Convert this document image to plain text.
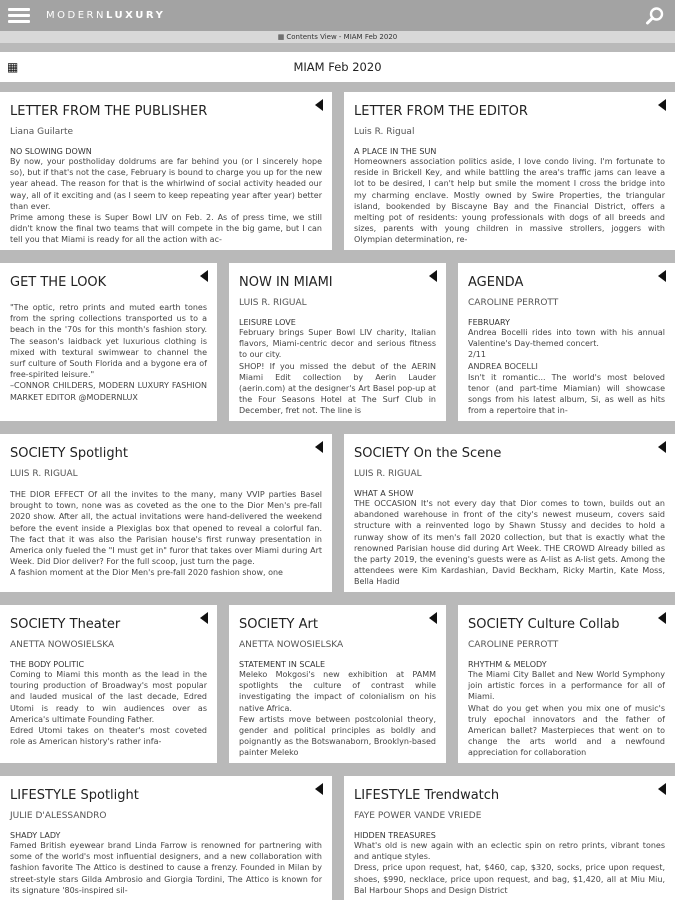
MODERNLUXURY
▦ Contents View - MIAM Feb 2020
▦	MIAM Feb 2020
LETTER FROM THE PUBLISHER
Liana Guilarte
NO SLOWING DOWN

By now, your postholiday doldrums are far behind you (or I sincerely hope so), but if that's not the case, February is bound to charge you up for the new year ahead. The reason for that is the whirlwind of social activity headed our way, all of it exciting and (as I seem to keep repeating year after year) better than ever.

Prime among these is Super Bowl LIV on Feb. 2. As of press time, we still didn't know the final two teams that will compete in the big game, but I can tell you that Miami is ready for all the action with ac-

LETTER FROM THE EDITOR
Luis R. Rigual
A PLACE IN THE SUN

Homeowners association politics aside, I love condo living. I'm fortunate to reside in Brickell Key, and while battling the area's traffic jams can leave a lot to be desired, I can't help but smile the moment I cross the bridge into my charming enclave. Mostly owned by Swire Properties, the triangular island, bookended by Biscayne Bay and the Financial District, offers a melting pot of residents: young professionals with dogs of all breeds and sizes, parents with young children in massive strollers, joggers with Olympian determination, re-

GET THE LOOK

"The optic, retro prints and muted earth tones from the spring collections transported us to a beach in the '70s for this month's fashion story. The season's laidback yet luxurious clothing is mixed with textural swimwear to channel the surf culture of South Florida and a bygone era of free-spirited leisure."

–CONNOR CHILDERS, MODERN LUXURY FASHION MARKET EDITOR @MODERNLUX

NOW IN MIAMI
LUIS R. RIGUAL
LEISURE LOVE

February brings Super Bowl LIV charity, Italian flavors, Miami-centric decor and serious fitness to our city.

SHOP! If you missed the debut of the AERIN Miami Edit collection by Aerin Lauder (aerin.com) at the designer's Art Basel pop-up at the Four Seasons Hotel at The Surf Club in December, fret not. The line is

AGENDA
CAROLINE PERROTT
FEBRUARY

Andrea Bocelli rides into town with his annual Valentine's Day-themed concert.

2/11

ANDREA BOCELLI

Isn't it romantic... The world's most beloved tenor (and part-time Miamian) will showcase songs from his latest album, Si, as well as hits from a repertoire that in-

SOCIETY Spotlight
LUIS R. RIGUAL

THE DIOR EFFECT Of all the invites to the many, many VVIP parties Basel brought to town, none was as coveted as the one to the Dior Men's pre-fall 2020 show. After all, the actual invitations were hand-delivered the weekend before the event inside a Plexiglas box that opened to reveal a colorful fan. The fact that it was also the Parisian house's first runway presentation in America only fueled the "I must get in" furor that takes over Miami during Art Week. Did Dior deliver? For the full scoop, just turn the page.

A fashion moment at the Dior Men's pre-fall 2020 fashion show, one

SOCIETY On the Scene
LUIS R. RIGUAL
WHAT A SHOW

THE OCCASION It's not every day that Dior comes to town, builds out an abandoned warehouse in front of the city's newest museum, covers said structure with a reinvented logo by Shawn Stussy and decides to hold a runway show of its men's fall 2020 collection, but that is exactly what the renowned Parisian house did during Art Week. THE CROWD Already billed as the party 2019, the evening's guests were as A-list as A-list gets. Among the attendees were Kim Kardashian, David Beckham, Ricky Martin, Kate Moss, Bella Hadid

SOCIETY Theater
ANETTA NOWOSIELSKA
THE BODY POLITIC

Coming to Miami this month as the lead in the touring production of Broadway's most popular and lauded musical of the last decade, Edred Utomi is ready to win audiences over as America's ultimate Founding Father.

Edred Utomi takes on theater's most coveted role as American history's rather infa-

SOCIETY Art
ANETTA NOWOSIELSKA
STATEMENT IN SCALE

Meleko Mokgosi's new exhibition at PAMM spotlights the culture of contrast while investigating the impact of colonialism on his native Africa.

Few artists move between postcolonial theory, gender and political principles as boldly and poignantly as the Botswanaborn, Brooklyn-based painter Meleko

SOCIETY Culture Collab
CAROLINE PERROTT
RHYTHM & MELODY

The Miami City Ballet and New World Symphony join artistic forces in a performance for all of Miami.

What do you get when you mix one of music's truly epochal innovators and the father of American ballet? Masterpieces that went on to change the arts world and a newfound appreciation for collaboration

LIFESTYLE Spotlight
JULIE D'ALESSANDRO
SHADY LADY

Famed British eyewear brand Linda Farrow is renowned for partnering with some of the world's most influential designers, and a new collaboration with fashion favorite The Attico is destined to cause a frenzy. Founded in Milan by street-style stars Gilda Ambrosio and Giorgia Tordini, The Attico is known for its signature '80s-inspired sil-

LIFESTYLE Trendwatch
FAYE POWER VANDE VRIEDE
HIDDEN TREASURES

What's old is new again with an eclectic spin on retro prints, vibrant tones and antique styles.

Dress, price upon request, hat, $460, cap, $320, socks, price upon request, shoes, $990, necklace, price upon request, and bag, $1,420, all at Miu Miu, Bal Harbour Shops and Design District
